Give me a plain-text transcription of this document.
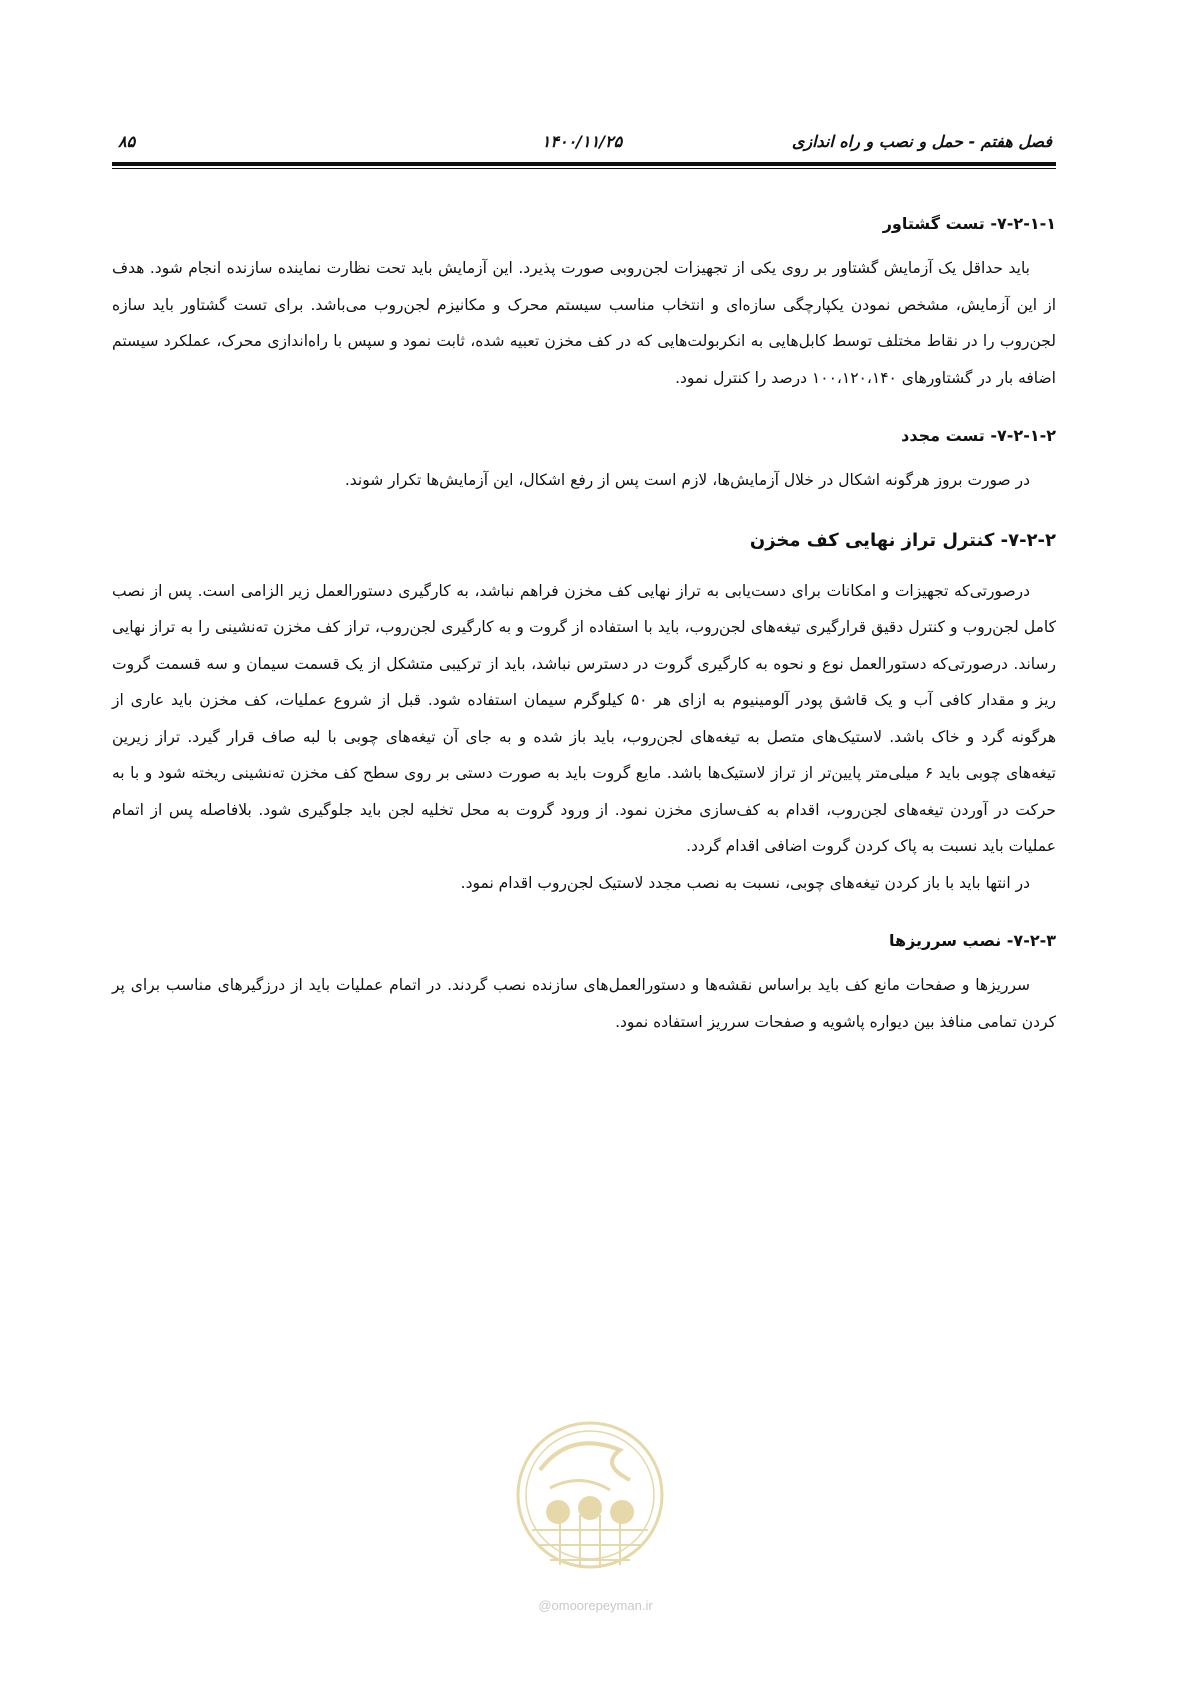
فصل هفتم - حمل و نصب و راه اندازی
۱۴۰۰/۱۱/۲۵
۸۵
۷-۲-۱-۱- تست گشتاور

باید حداقل یک آزمایش گشتاور بر روی یکی از تجهیزات لجن‌روبی صورت پذیرد. این آزمایش باید تحت نظارت نماینده سازنده انجام شود. هدف از این آزمایش، مشخص نمودن یکپارچگی سازه‌ای و انتخاب مناسب سیستم محرک و مکانیزم لجن‌روب می‌باشد. برای تست گشتاور باید سازه لجن‌روب را در نقاط مختلف توسط کابل‌هایی به انکربولت‌هایی که در کف مخزن تعبیه شده، ثابت نمود و سپس با راه‌اندازی محرک، عملکرد سیستم اضافه بار در گشتاورهای ۱۰۰،۱۲۰،۱۴۰ درصد را کنترل نمود.

۷-۲-۱-۲- تست مجدد

در صورت بروز هرگونه اشکال در خلال آزمایش‌ها، لازم است پس از رفع اشکال، این آزمایش‌ها تکرار شوند.

۷-۲-۲- کنترل تراز نهایی کف مخزن

درصورتی‌که تجهیزات و امکانات برای دست‌یابی به تراز نهایی کف مخزن فراهم نباشد، به کارگیری دستورالعمل زیر الزامی است. پس از نصب کامل لجن‌روب و کنترل دقیق قرارگیری تیغه‌های لجن‌روب، باید با استفاده از گروت و به کارگیری لجن‌روب، تراز کف مخزن ته‌نشینی را به تراز نهایی رساند. درصورتی‌که دستورالعمل نوع و نحوه به کارگیری گروت در دسترس نباشد، باید از ترکیبی متشکل از یک قسمت سیمان و سه قسمت گروت ریز و مقدار کافی آب و یک قاشق پودر آلومینیوم به ازای هر ۵۰ کیلوگرم سیمان استفاده شود. قبل از شروع عملیات، کف مخزن باید عاری از هرگونه گرد و خاک باشد. لاستیک‌های متصل به تیغه‌های لجن‌روب، باید باز شده و به جای آن تیغه‌های چوبی با لبه صاف قرار گیرد. تراز زیرین تیغه‌های چوبی باید ۶ میلی‌متر پایین‌تر از تراز لاستیک‌ها باشد. مایع گروت باید به صورت دستی بر روی سطح کف مخزن ته‌نشینی ریخته شود و با به حرکت در آوردن تیغه‌های لجن‌روب، اقدام به کف‌سازی مخزن نمود. از ورود گروت به محل تخلیه لجن باید جلوگیری شود. بلافاصله پس از اتمام عملیات باید نسبت به پاک کردن گروت اضافی اقدام گردد.

در انتها باید با باز کردن تیغه‌های چوبی، نسبت به نصب مجدد لاستیک لجن‌روب اقدام نمود.

۷-۲-۳- نصب سرریزها

سرریزها و صفحات مانع کف باید براساس نقشه‌ها و دستورالعمل‌های سازنده نصب گردند. در اتمام عملیات باید از درزگیرهای مناسب برای پر کردن تمامی منافذ بین دیواره پاشویه و صفحات سرریز استفاده نمود.

@omoorepeyman.ir
